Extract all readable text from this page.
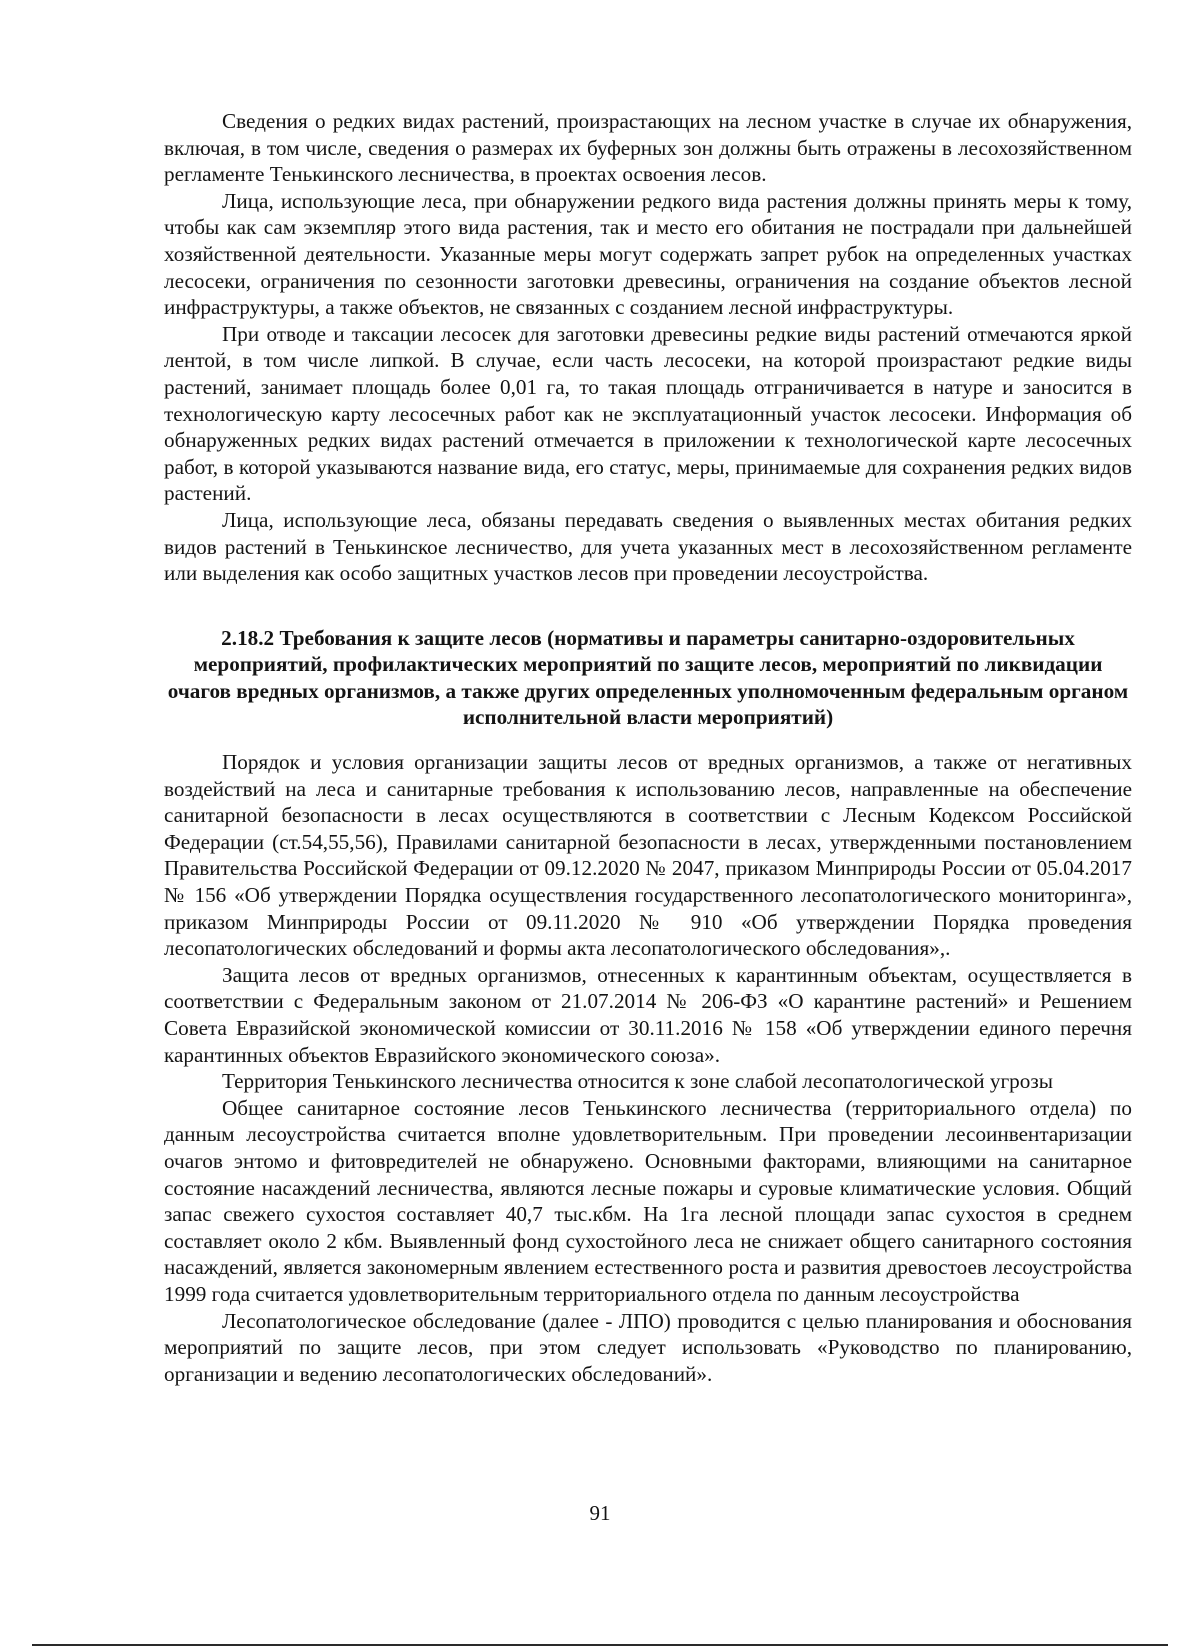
Сведения о редких видах растений, произрастающих на лесном участке в случае их обнаружения, включая, в том числе, сведения о размерах их буферных зон должны быть отражены в лесохозяйственном регламенте Тенькинского лесничества, в проектах освоения лесов.

Лица, использующие леса, при обнаружении редкого вида растения должны принять меры к тому, чтобы как сам экземпляр этого вида растения, так и место его обитания не пострадали при дальнейшей хозяйственной деятельности. Указанные меры могут содержать запрет рубок на определенных участках лесосеки, ограничения по сезонности заготовки древесины, ограничения на создание объектов лесной инфраструктуры, а также объектов, не связанных с созданием лесной инфраструктуры.

При отводе и таксации лесосек для заготовки древесины редкие виды растений отмечаются яркой лентой, в том числе липкой. В случае, если часть лесосеки, на которой произрастают редкие виды растений, занимает площадь более 0,01 га, то такая площадь отграничивается в натуре и заносится в технологическую карту лесосечных работ как не эксплуатационный участок лесосеки. Информация об обнаруженных редких видах растений отмечается в приложении к технологической карте лесосечных работ, в которой указываются название вида, его статус, меры, принимаемые для сохранения редких видов растений.

Лица, использующие леса, обязаны передавать сведения о выявленных местах обитания редких видов растений в Тенькинское лесничество, для учета указанных мест в лесохозяйственном регламенте или выделения как особо защитных участков лесов при проведении лесоустройства.

2.18.2 Требования к защите лесов (нормативы и параметры санитарно-оздоровительных мероприятий, профилактических мероприятий по защите лесов, мероприятий по ликвидации очагов вредных организмов, а также других определенных уполномоченным федеральным органом исполнительной власти мероприятий)

Порядок и условия организации защиты лесов от вредных организмов, а также от негативных воздействий на леса и санитарные требования к использованию лесов, направленные на обеспечение санитарной безопасности в лесах осуществляются в соответствии с Лесным Кодексом Российской Федерации (ст.54,55,56), Правилами санитарной безопасности в лесах, утвержденными постановлением Правительства Российской Федерации от 09.12.2020 № 2047, приказом Минприроды России от 05.04.2017 № 156 «Об утверждении Порядка осуществления государственного лесопатологического мониторинга», приказом Минприроды России от 09.11.2020 № 910 «Об утверждении Порядка проведения лесопатологических обследований и формы акта лесопатологического обследования»,.

Защита лесов от вредных организмов, отнесенных к карантинным объектам, осуществляется в соответствии с Федеральным законом от 21.07.2014 № 206-ФЗ «О карантине растений» и Решением Совета Евразийской экономической комиссии от 30.11.2016 № 158 «Об утверждении единого перечня карантинных объектов Евразийского экономического союза».

Территория Тенькинского лесничества относится к зоне слабой лесопатологической угрозы

Общее санитарное состояние лесов Тенькинского лесничества (территориального отдела) по данным лесоустройства считается вполне удовлетворительным. При проведении лесоинвентаризации очагов энтомо и фитовредителей не обнаружено. Основными факторами, влияющими на санитарное состояние насаждений лесничества, являются лесные пожары и суровые климатические условия. Общий запас свежего сухостоя составляет 40,7 тыс.кбм. На 1га лесной площади запас сухостоя в среднем составляет около 2 кбм. Выявленный фонд сухостойного леса не снижает общего санитарного состояния насаждений, является закономерным явлением естественного роста и развития древостоев лесоустройства 1999 года считается удовлетворительным территориального отдела по данным лесоустройства

Лесопатологическое обследование (далее - ЛПО) проводится с целью планирования и обоснования мероприятий по защите лесов, при этом следует использовать «Руководство по планированию, организации и ведению лесопатологических обследований».

91
